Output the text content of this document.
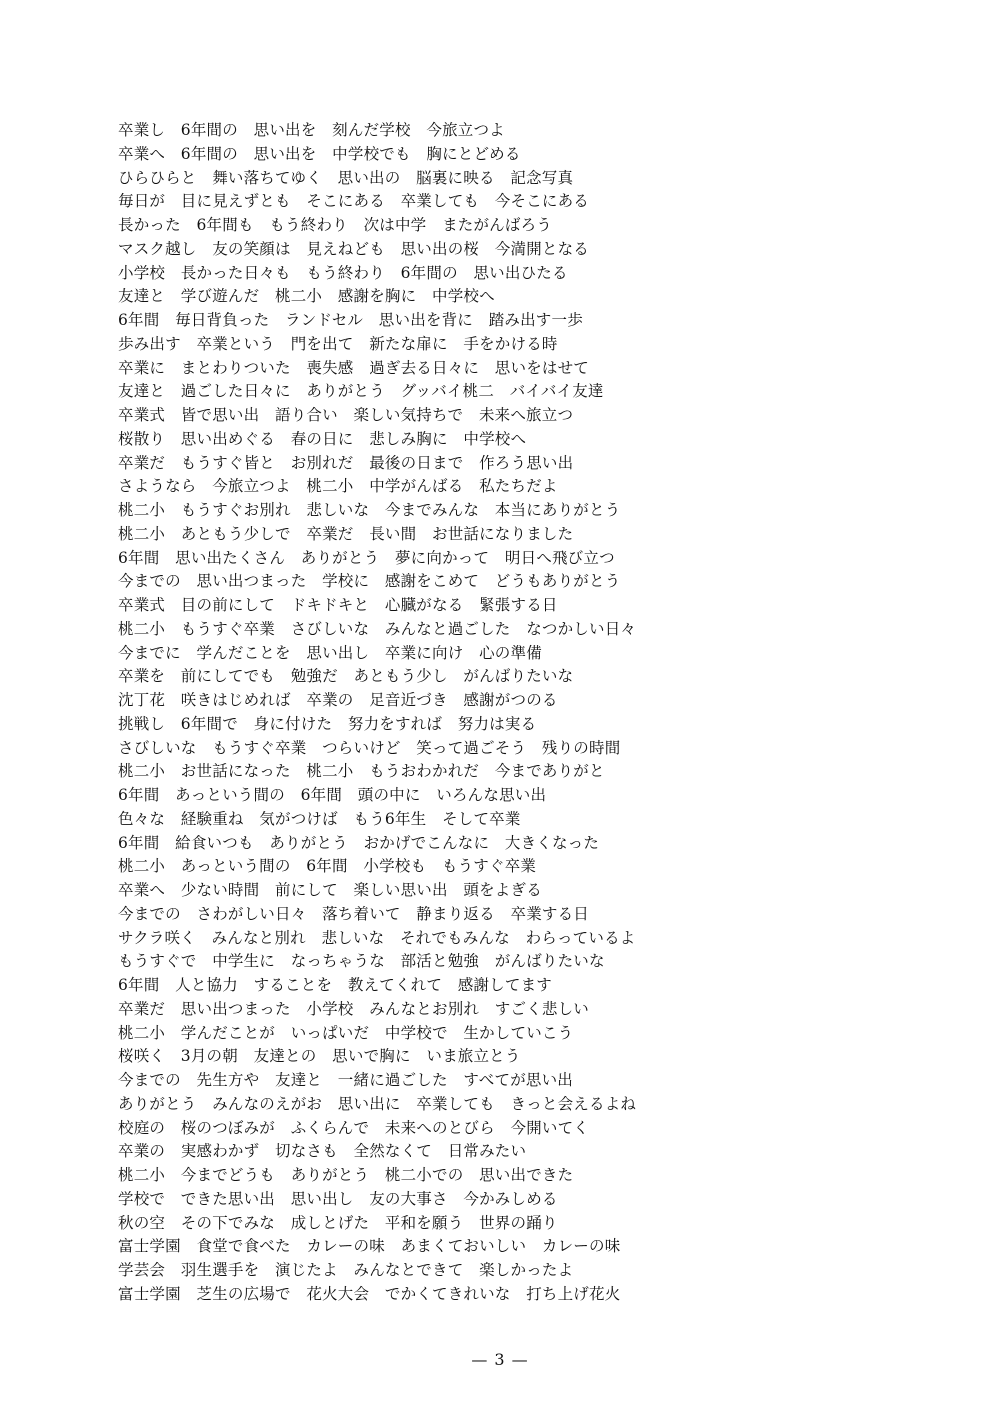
卒業し　6年間の　思い出を　刻んだ学校　今旅立つよ
卒業へ　6年間の　思い出を　中学校でも　胸にとどめる
ひらひらと　舞い落ちてゆく　思い出の　脳裏に映る　記念写真
毎日が　目に見えずとも　そこにある　卒業しても　今そこにある
長かった　6年間も　もう終わり　次は中学　またがんばろう
マスク越し　友の笑顔は　見えねども　思い出の桜　今満開となる
小学校　長かった日々も　もう終わり　6年間の　思い出ひたる
友達と　学び遊んだ　桃二小　感謝を胸に　中学校へ
6年間　毎日背負った　ランドセル　思い出を背に　踏み出す一歩
歩み出す　卒業という　門を出て　新たな扉に　手をかける時
卒業に　まとわりついた　喪失感　過ぎ去る日々に　思いをはせて
友達と　過ごした日々に　ありがとう　グッバイ桃二　バイバイ友達
卒業式　皆で思い出　語り合い　楽しい気持ちで　未来へ旅立つ
桜散り　思い出めぐる　春の日に　悲しみ胸に　中学校へ
卒業だ　もうすぐ皆と　お別れだ　最後の日まで　作ろう思い出
さようなら　今旅立つよ　桃二小　中学がんばる　私たちだよ
桃二小　もうすぐお別れ　悲しいな　今までみんな　本当にありがとう
桃二小　あともう少しで　卒業だ　長い間　お世話になりました
6年間　思い出たくさん　ありがとう　夢に向かって　明日へ飛び立つ
今までの　思い出つまった　学校に　感謝をこめて　どうもありがとう
卒業式　目の前にして　ドキドキと　心臓がなる　緊張する日
桃二小　もうすぐ卒業　さびしいな　みんなと過ごした　なつかしい日々
今までに　学んだことを　思い出し　卒業に向け　心の準備
卒業を　前にしてでも　勉強だ　あともう少し　がんばりたいな
沈丁花　咲きはじめれば　卒業の　足音近づき　感謝がつのる
挑戦し　6年間で　身に付けた　努力をすれば　努力は実る
さびしいな　もうすぐ卒業　つらいけど　笑って過ごそう　残りの時間
桃二小　お世話になった　桃二小　もうおわかれだ　今までありがと
6年間　あっという間の　6年間　頭の中に　いろんな思い出
色々な　経験重ね　気がつけば　もう6年生　そして卒業
6年間　給食いつも　ありがとう　おかげでこんなに　大きくなった
桃二小　あっという間の　6年間　小学校も　もうすぐ卒業
卒業へ　少ない時間　前にして　楽しい思い出　頭をよぎる
今までの　さわがしい日々　落ち着いて　静まり返る　卒業する日
サクラ咲く　みんなと別れ　悲しいな　それでもみんな　わらっているよ
もうすぐで　中学生に　なっちゃうな　部活と勉強　がんばりたいな
6年間　人と協力　することを　教えてくれて　感謝してます
卒業だ　思い出つまった　小学校　みんなとお別れ　すごく悲しい
桃二小　学んだことが　いっぱいだ　中学校で　生かしていこう
桜咲く　3月の朝　友達との　思いで胸に　いま旅立とう
今までの　先生方や　友達と　一緒に過ごした　すべてが思い出
ありがとう　みんなのえがお　思い出に　卒業しても　きっと会えるよね
校庭の　桜のつぼみが　ふくらんで　未来へのとびら　今開いてく
卒業の　実感わかず　切なさも　全然なくて　日常みたい
桃二小　今までどうも　ありがとう　桃二小での　思い出できた
学校で　できた思い出　思い出し　友の大事さ　今かみしめる
秋の空　その下でみな　成しとげた　平和を願う　世界の踊り
富士学園　食堂で食べた　カレーの味　あまくておいしい　カレーの味
学芸会　羽生選手を　演じたよ　みんなとできて　楽しかったよ
富士学園　芝生の広場で　花火大会　でかくてきれいな　打ち上げ花火
— 3 —
